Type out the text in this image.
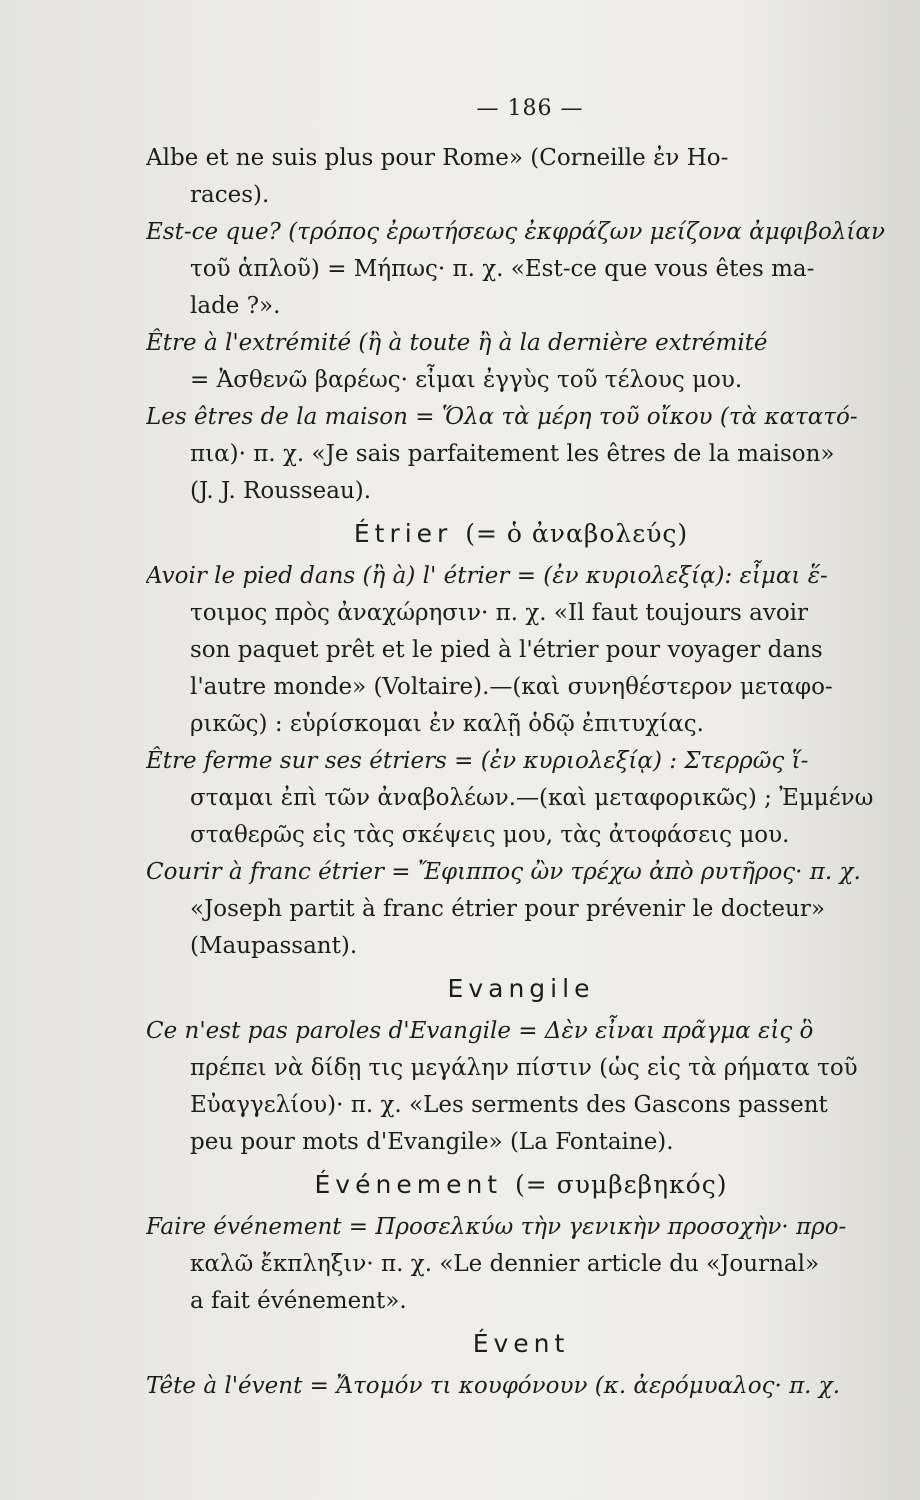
— 186 —
Albe et ne suis plus pour Rome» (Corneille ἐν Ho-
races).
Est-ce que? (τρόπος ἐρωτήσεως ἐκφράζων μείζονα ἀμφιβολίαν
τοῦ ἁπλοῦ) = Μήπως· π. χ. «Est-ce que vous êtes ma-
lade ?».
Être à l'extrémité (ἢ à toute ἢ à la dernière extrémité
= Ἀσθενῶ βαρέως· εἶμαι ἐγγὺς τοῦ τέλους μου.
Les êtres de la maison = Ὅλα τὰ μέρη τοῦ οἴκου (τὰ κατατό-
πια)· π. χ. «Je sais parfaitement les êtres de la maison»
(J. J. Rousseau).
Étrier (= ὁ ἀναβολεύς)
Avoir le pied dans (ἢ à) l' étrier = (ἐν κυριολεξίᾳ): εἶμαι ἕ-
τοιμος πρὸς ἀναχώρησιν· π. χ. «Il faut toujours avoir
son paquet prêt et le pied à l'étrier pour voyager dans
l'autre monde» (Voltaire).—(καὶ συνηθέστερον μεταφο-
ρικῶς) : εὑρίσκομαι ἐν καλῇ ὁδῷ ἐπιτυχίας.
Être ferme sur ses étriers = (ἐν κυριολεξίᾳ) : Στερρῶς ἵ-
σταμαι ἐπὶ τῶν ἀναβολέων.—(καὶ μεταφορικῶς) ; Ἐμμένω
σταθερῶς εἰς τὰς σκέψεις μου, τὰς ἀτοφάσεις μου.
Courir à franc étrier = Ἔφιππος ὢν τρέχω ἀπὸ ρυτῆρος· π. χ.
«Joseph partit à franc étrier pour prévenir le docteur»
(Maupassant).
Evangile
Ce n'est pas paroles d'Evangile = Δὲν εἶναι πρᾶγμα εἰς ὃ
πρέπει νὰ δίδῃ τις μεγάλην πίστιν (ὡς εἰς τὰ ρήματα τοῦ
Εὐαγγελίου)· π. χ. «Les serments des Gascons passent
peu pour mots d'Evangile» (La Fontaine).
Événement (= συμβεβηκός)
Faire événement = Προσελκύω τὴν γενικὴν προσοχὴν· προ-
καλῶ ἔκπληξιν· π. χ. «Le dennier article du «Journal»
a fait événement».
Évent
Tête à l'évent = Ἄτομόν τι κουφόνουν (κ. ἀερόμυαλος· π. χ.
